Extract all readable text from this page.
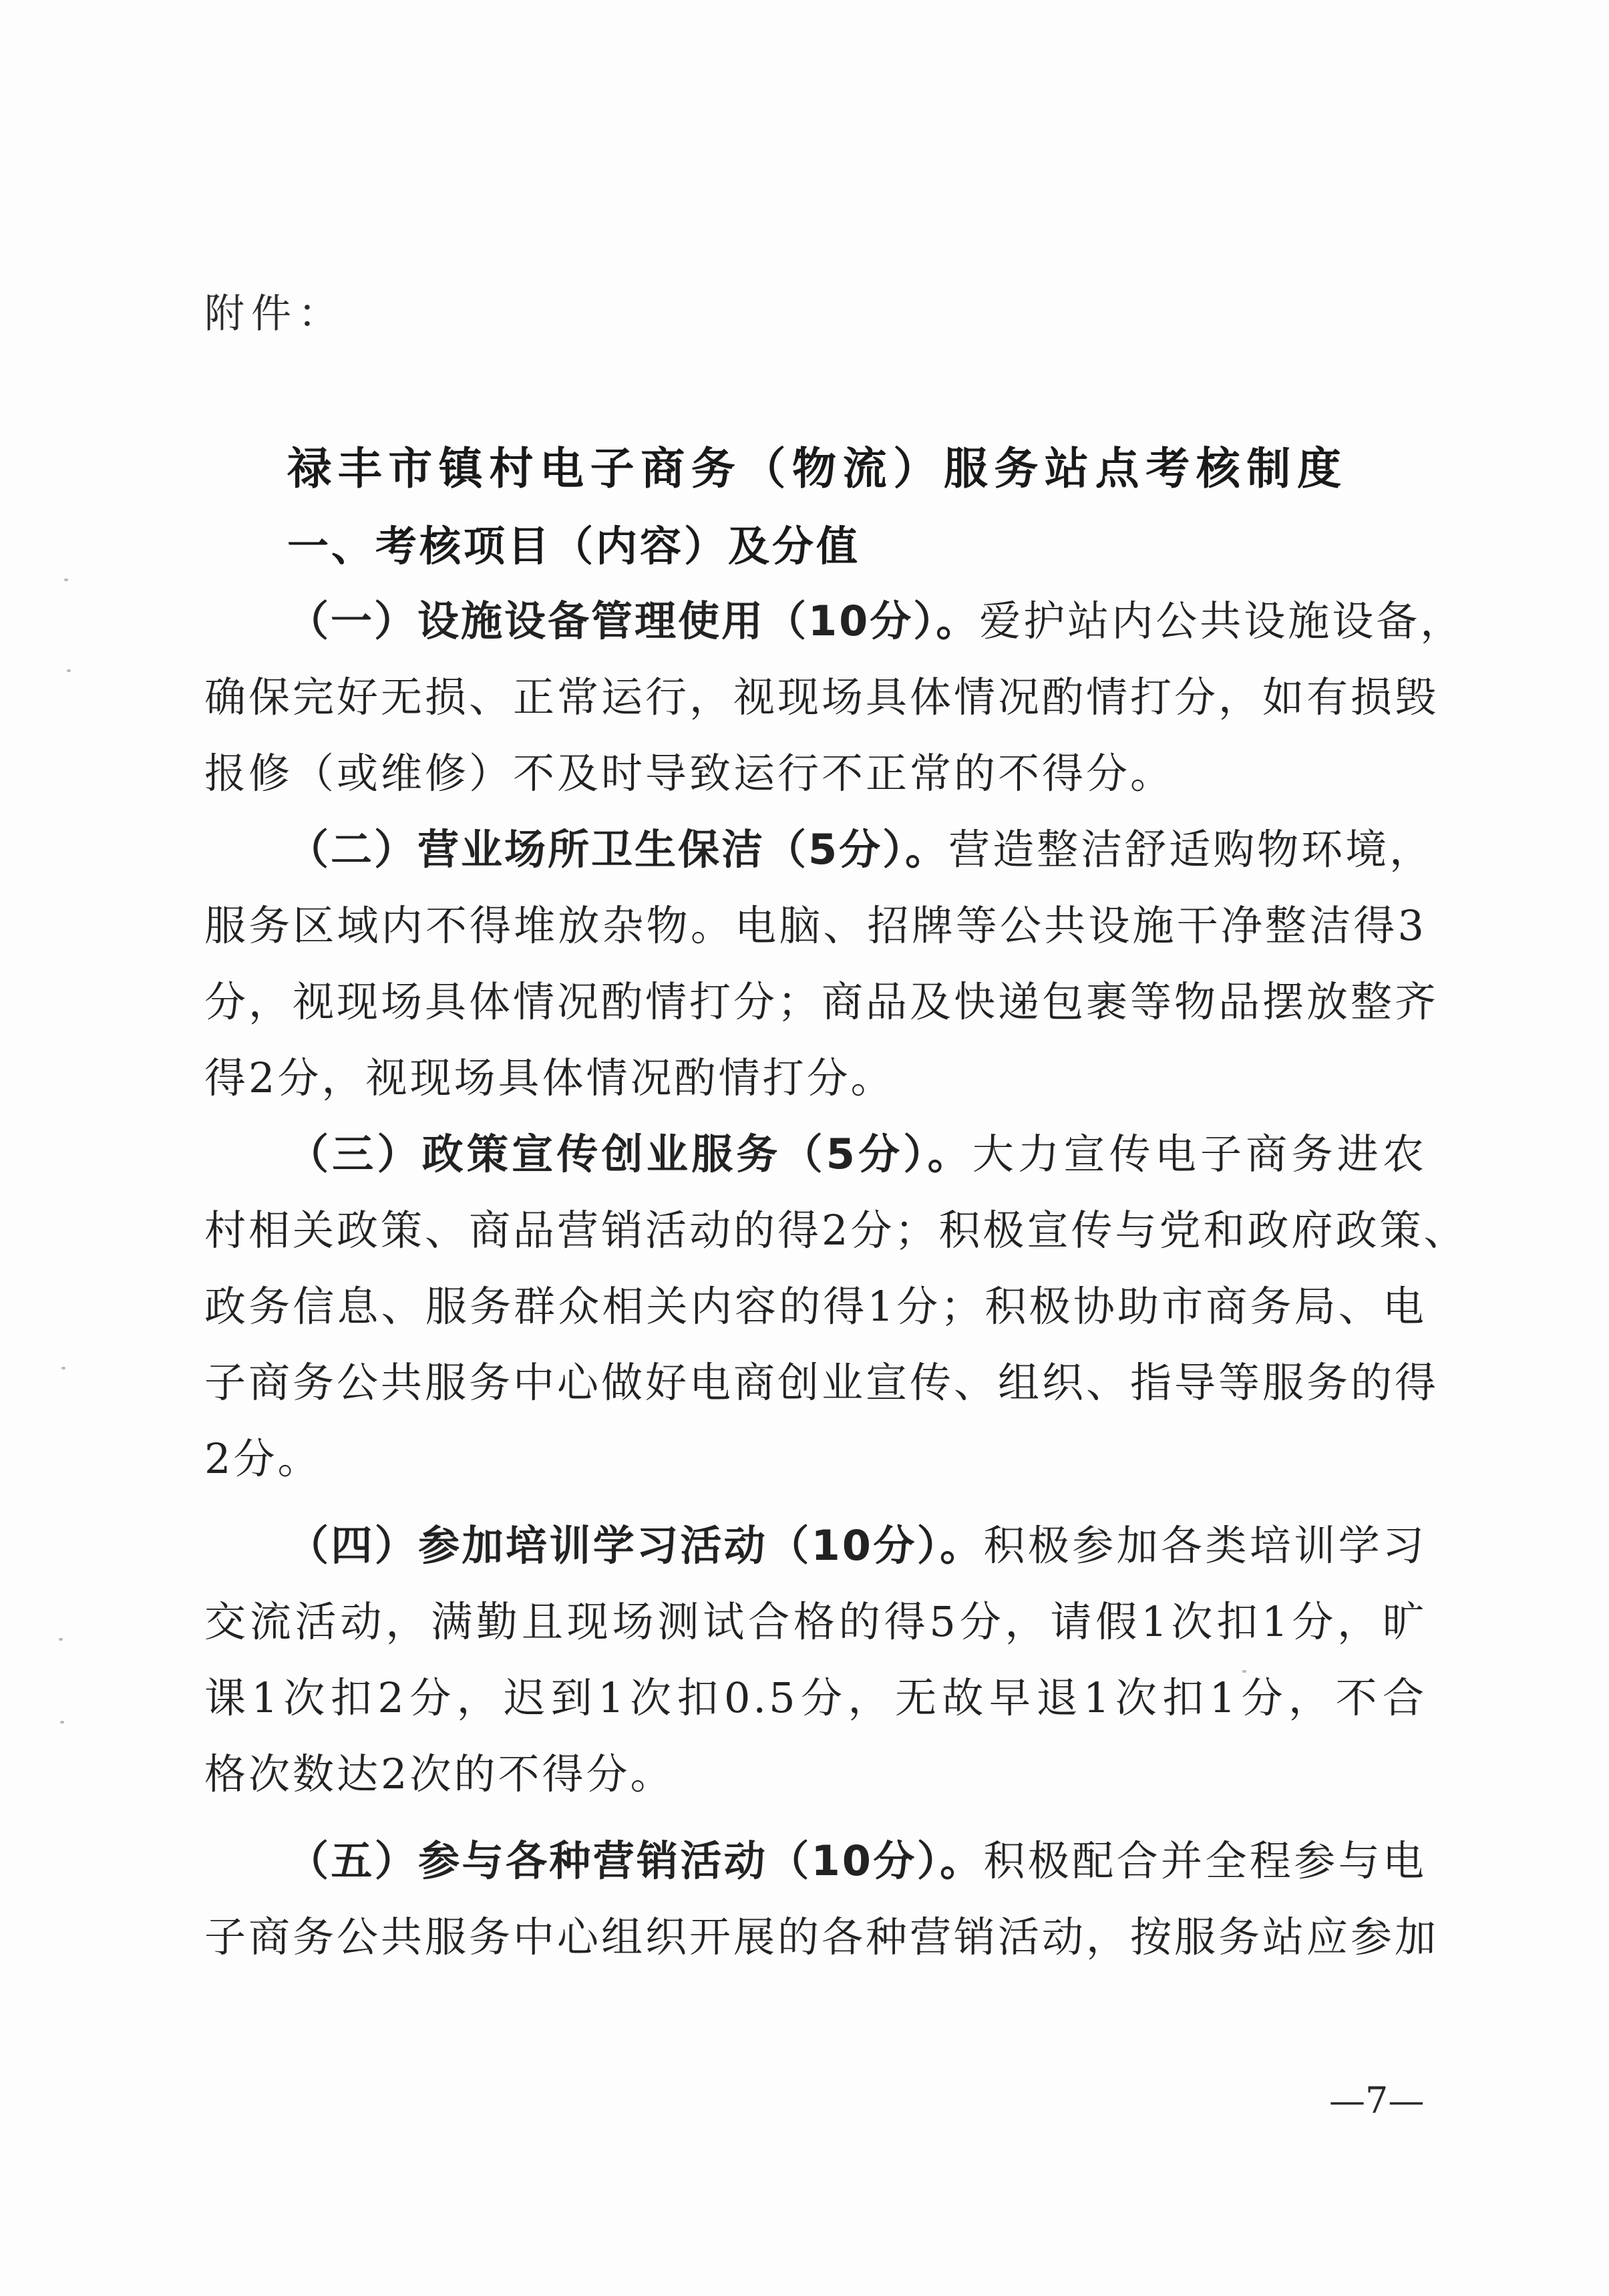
附件：
禄丰市镇村电子商务（物流）服务站点考核制度
一、考核项目（内容）及分值
（一）设施设备管理使用（10分）。爱护站内公共设施设备，
确保完好无损、正常运行，视现场具体情况酌情打分，如有损毁
报修（或维修）不及时导致运行不正常的不得分。
（二）营业场所卫生保洁（5分）。营造整洁舒适购物环境，
服务区域内不得堆放杂物。电脑、招牌等公共设施干净整洁得3
分，视现场具体情况酌情打分；商品及快递包裹等物品摆放整齐
得2分，视现场具体情况酌情打分。
（三）政策宣传创业服务（5分）。大力宣传电子商务进农
村相关政策、商品营销活动的得2分；积极宣传与党和政府政策、
政务信息、服务群众相关内容的得1分；积极协助市商务局、电
子商务公共服务中心做好电商创业宣传、组织、指导等服务的得
2分。
（四）参加培训学习活动（10分）。积极参加各类培训学习
交流活动，满勤且现场测试合格的得5分，请假1次扣1分，旷
课1次扣2分，迟到1次扣0.5分，无故早退1次扣1分，不合
格次数达2次的不得分。
（五）参与各种营销活动（10分）。积极配合并全程参与电
子商务公共服务中心组织开展的各种营销活动，按服务站应参加
—7—
